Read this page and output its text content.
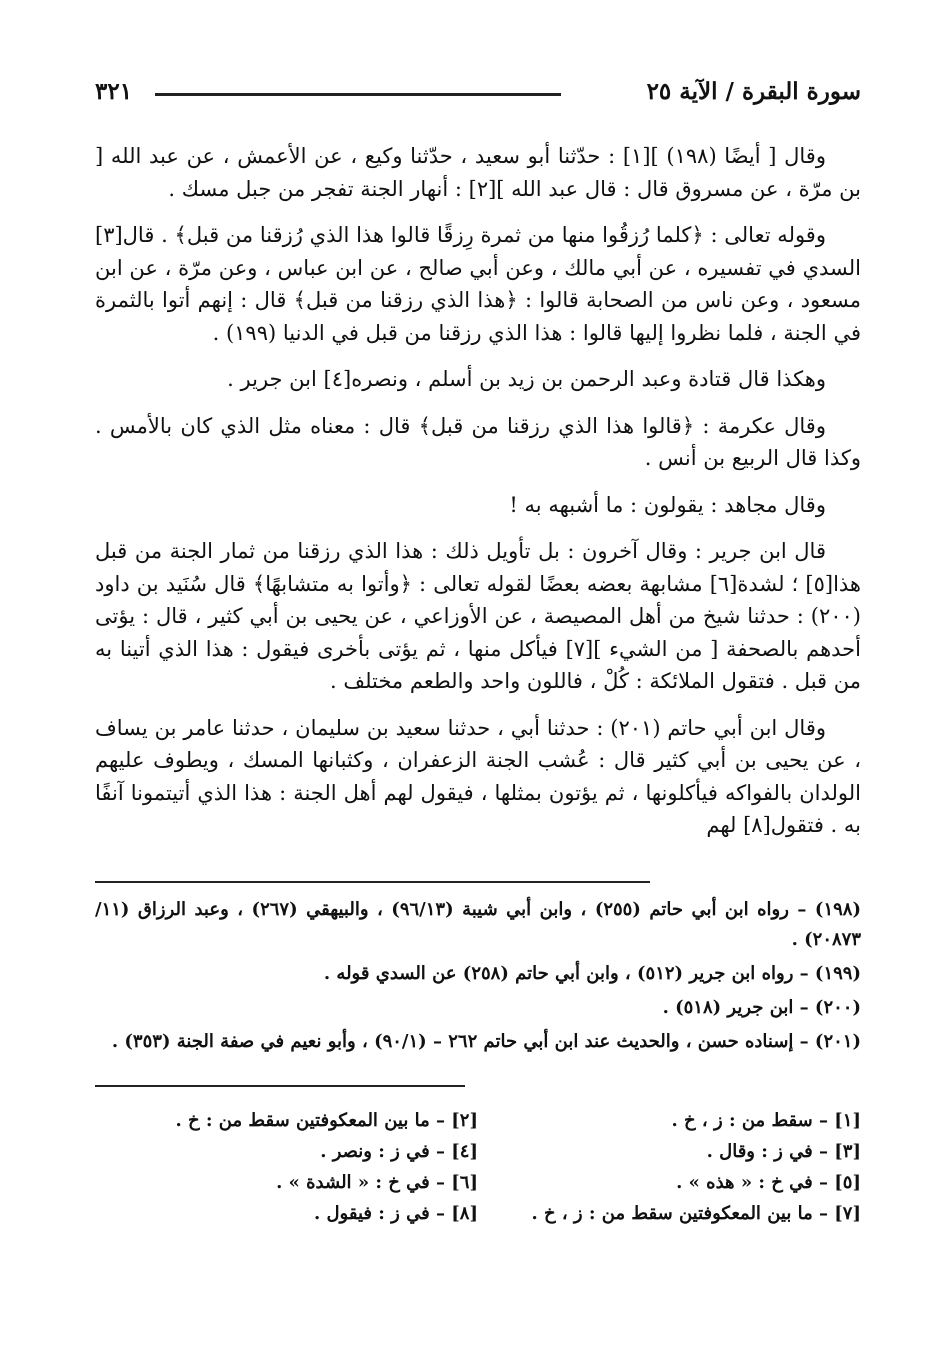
سورة البقرة / الآية ٢٥
٣٢١

وقال [ أيضًا (١٩٨) ][١] : حدّثنا أبو سعيد ، حدّثنا وكيع ، عن الأعمش ، عن عبد الله [ بن مرّة ، عن مسروق قال : قال عبد الله ][٢] : أنهار الجنة تفجر من جبل مسك .

وقوله تعالى : ﴿كلما رُزقُوا منها من ثمرة رِزقًا قالوا هذا الذي رُزقنا من قبل﴾ . قال[٣] السدي في تفسيره ، عن أبي مالك ، وعن أبي صالح ، عن ابن عباس ، وعن مرّة ، عن ابن مسعود ، وعن ناس من الصحابة قالوا : ﴿هذا الذي رزقنا من قبل﴾ قال : إنهم أتوا بالثمرة في الجنة ، فلما نظروا إليها قالوا : هذا الذي رزقنا من قبل في الدنيا (١٩٩) .

وهكذا قال قتادة وعبد الرحمن بن زيد بن أسلم ، ونصره[٤] ابن جرير .

وقال عكرمة : ﴿قالوا هذا الذي رزقنا من قبل﴾ قال : معناه مثل الذي كان بالأمس . وكذا قال الربيع بن أنس .

وقال مجاهد : يقولون : ما أشبهه به !

قال ابن جرير : وقال آخرون : بل تأويل ذلك : هذا الذي رزقنا من ثمار الجنة من قبل هذا[٥] ؛ لشدة[٦] مشابهة بعضه بعضًا لقوله تعالى : ﴿وأتوا به متشابهًا﴾ قال سُنَيد بن داود (٢٠٠) : حدثنا شيخ من أهل المصيصة ، عن الأوزاعي ، عن يحيى بن أبي كثير ، قال : يؤتى أحدهم بالصحفة [ من الشيء ][٧] فيأكل منها ، ثم يؤتى بأخرى فيقول : هذا الذي أتينا به من قبل . فتقول الملائكة : كُلْ ، فاللون واحد والطعم مختلف .

وقال ابن أبي حاتم (٢٠١) : حدثنا أبي ، حدثنا سعيد بن سليمان ، حدثنا عامر بن يساف ، عن يحيى بن أبي كثير قال : عُشب الجنة الزعفران ، وكثبانها المسك ، ويطوف عليهم الولدان بالفواكه فيأكلونها ، ثم يؤتون بمثلها ، فيقول لهم أهل الجنة : هذا الذي أتيتمونا آنفًا به . فتقول[٨] لهم

(١٩٨) – رواه ابن أبي حاتم (٢٥٥) ، وابن أبي شيبة (٩٦/١٣) ، والبيهقي (٢٦٧) ، وعبد الرزاق (١١/ ٢٠٨٧٣) .

(١٩٩) – رواه ابن جرير (٥١٢) ، وابن أبي حاتم (٢٥٨) عن السدي قوله .

(٢٠٠) – ابن جرير (٥١٨) .

(٢٠١) – إسناده حسن ، والحديث عند ابن أبي حاتم ٢٦٢ – (٩٠/١) ، وأبو نعيم في صفة الجنة (٣٥٣) .

[١] – سقط من : ز ، خ .
[٢] – ما بين المعكوفتين سقط من : خ .
[٣] – في ز : وقال .
[٤] – في ز : ونصر .
[٥] – في خ : « هذه » .
[٦] – في خ : « الشدة » .
[٧] – ما بين المعكوفتين سقط من : ز ، خ .
[٨] – في ز : فيقول .
